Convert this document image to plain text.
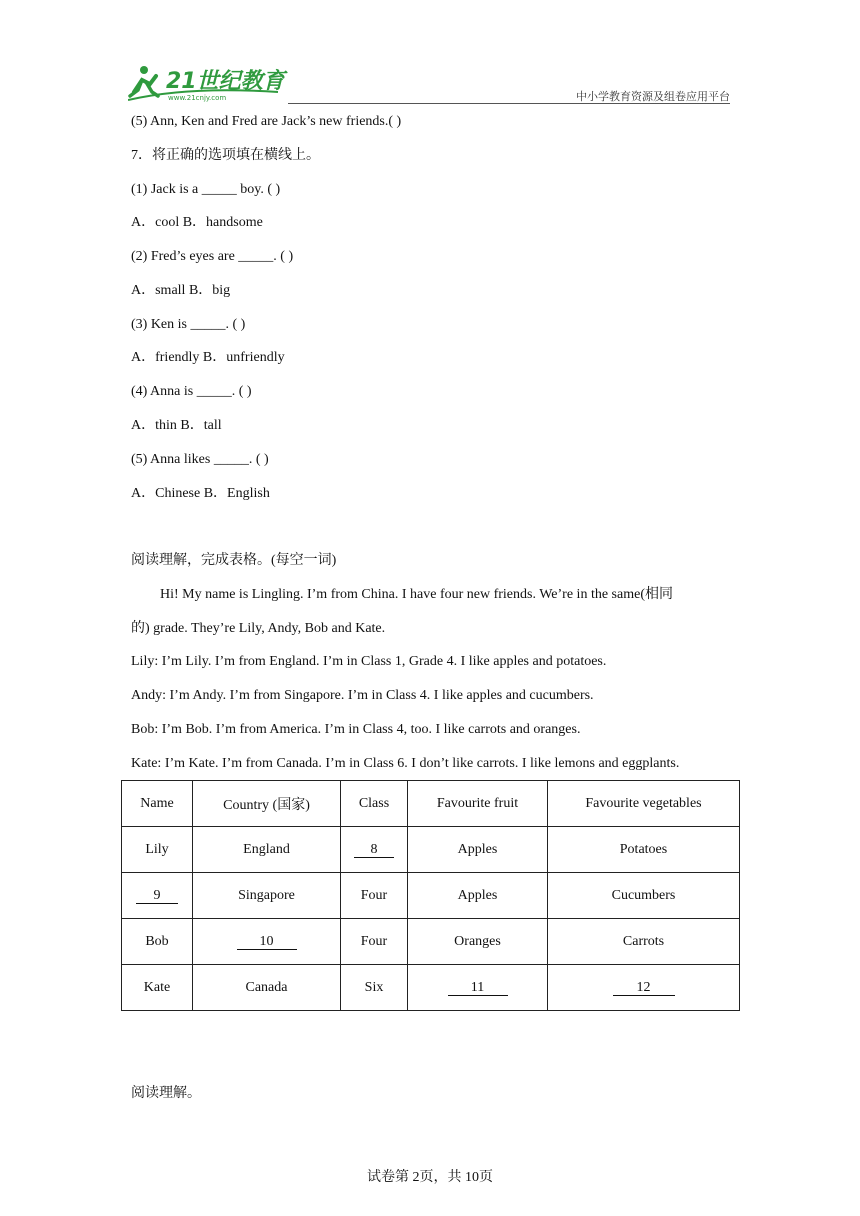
21世纪教育
www.21cnjy.com	中小学教育资源及组卷应用平台
(5) Ann, Ken and Fred are Jack’s new friends.( )
7．将正确的选项填在横线上。
(1) Jack is a _____ boy. ( )
A．cool B．handsome
(2) Fred’s eyes are _____. ( )
A．small B．big
(3) Ken is _____. ( )
A．friendly B．unfriendly
(4) Anna is _____. ( )
A．thin B．tall
(5) Anna likes _____. ( )
A．Chinese B．English
阅读理解，完成表格。(每空一词)
Hi! My name is Lingling. I’m from China. I have four new friends. We’re in the same(相同
的) grade. They’re Lily, Andy, Bob and Kate.
Lily: I’m Lily. I’m from England. I’m in Class 1, Grade 4. I like apples and potatoes.
Andy: I’m Andy. I’m from Singapore. I’m in Class 4. I like apples and cucumbers.
Bob: I’m Bob. I’m from America. I’m in Class 4, too. I like carrots and oranges.
Kate: I’m Kate. I’m from Canada. I’m in Class 6. I don’t like carrots. I like lemons and eggplants.
Name	Country (国家)	Class	Favourite fruit	Favourite vegetables
Lily	England	8	Apples	Potatoes
9	Singapore	Four	Apples	Cucumbers
Bob	10	Four	Oranges	Carrots
Kate	Canada	Six	11	12
阅读理解。
试卷第 2页，共 10页
